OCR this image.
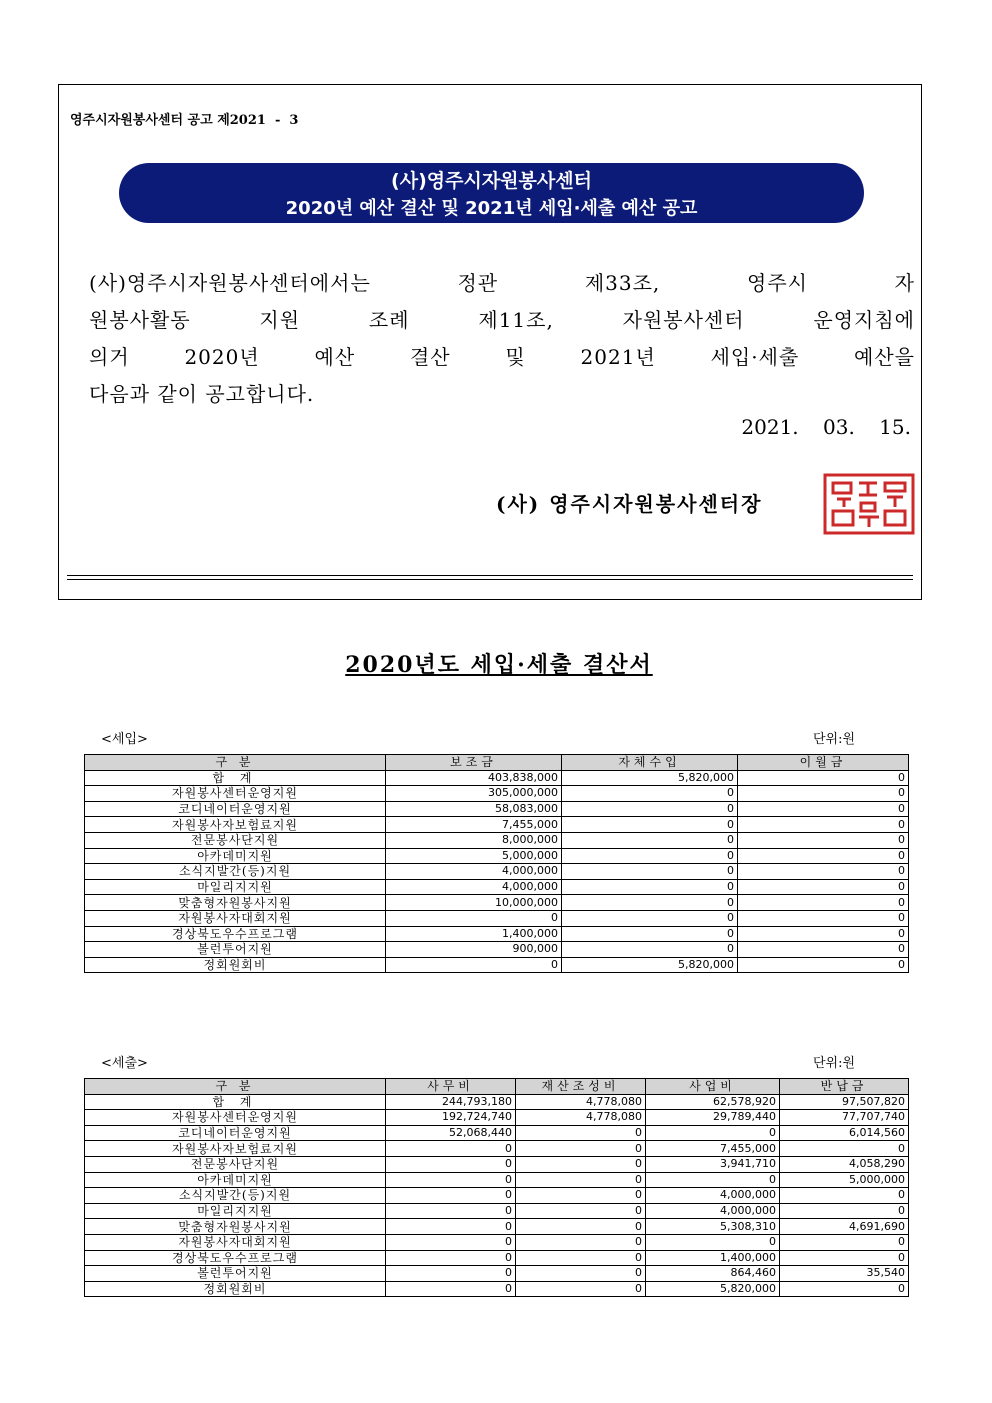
영주시자원봉사센터 공고 제2021  -  3
(사)영주시자원봉사센터
2020년 예산 결산 및 2021년 세입·세출 예산 공고
(사)영주시자원봉사센터에서는 정관 제33조, 영주시 자
원봉사활동 지원 조례 제11조, 자원봉사센터 운영지침에
의거 2020년 예산 결산 및 2021년 세입·세출 예산을
다음과 같이 공고합니다.
2021. 03. 15.
(사) 영주시자원봉사센터장
2020년도 세입·세출 결산서
<세입>	단위:원
구 분	보조금	자체수입	이월금
합 계	403,838,000	5,820,000	0
자원봉사센터운영지원	305,000,000	0	0
코디네이터운영지원	58,083,000	0	0
자원봉사자보험료지원	7,455,000	0	0
전문봉사단지원	8,000,000	0	0
아카데미지원	5,000,000	0	0
소식지발간(등)지원	4,000,000	0	0
마일리지지원	4,000,000	0	0
맞춤형자원봉사지원	10,000,000	0	0
자원봉사자대회지원	0	0	0
경상북도우수프로그램	1,400,000	0	0
볼런투어지원	900,000	0	0
정회원회비	0	5,820,000	0
<세출>	단위:원
구 분	사무비	재산조성비	사업비	반납금
합 계	244,793,180	4,778,080	62,578,920	97,507,820
자원봉사센터운영지원	192,724,740	4,778,080	29,789,440	77,707,740
코디네이터운영지원	52,068,440	0	0	6,014,560
자원봉사자보험료지원	0	0	7,455,000	0
전문봉사단지원	0	0	3,941,710	4,058,290
아카데미지원	0	0	0	5,000,000
소식지발간(등)지원	0	0	4,000,000	0
마일리지지원	0	0	4,000,000	0
맞춤형자원봉사지원	0	0	5,308,310	4,691,690
자원봉사자대회지원	0	0	0	0
경상북도우수프로그램	0	0	1,400,000	0
볼런투어지원	0	0	864,460	35,540
정회원회비	0	0	5,820,000	0
